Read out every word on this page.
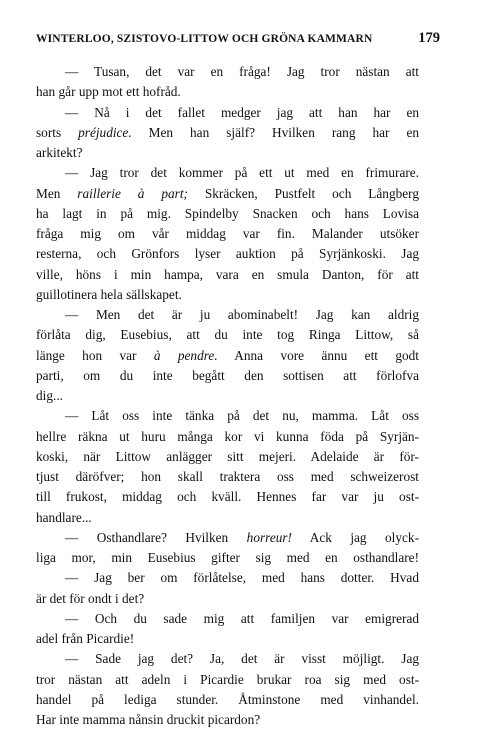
WINTERLOO, SZISTOVO-LITTOW OCH GRÖNA KAMMARN	179
— Tusan, det var en fråga! Jag tror nästan att
han går upp mot ett hofråd.
— Nå i det fallet medger jag att han har en
sorts préjudice. Men han själf? Hvilken rang har en
arkitekt?
— Jag tror det kommer på ett ut med en frimurare.
Men raillerie à part; Skräcken, Pustfelt och Långberg
ha lagt in på mig. Spindelby Snacken och hans Lovisa
fråga mig om vår middag var fin. Malander utsöker
resterna, och Grönfors lyser auktion på Syrjänkoski. Jag
ville, höns i min hampa, vara en smula Danton, för att
guillotinera hela sällskapet.
— Men det är ju abominabelt! Jag kan aldrig
förlåta dig, Eusebius, att du inte tog Ringa Littow, så
länge hon var à pendre. Anna vore ännu ett godt
parti, om du inte begått den sottisen att förlofva
dig...
— Låt oss inte tänka på det nu, mamma. Låt oss
hellre räkna ut huru många kor vi kunna föda på Syrjän-
koski, när Littow anlägger sitt mejeri. Adelaide är för-
tjust däröfver; hon skall traktera oss med schweizerost
till frukost, middag och kväll. Hennes far var ju ost-
handlare...
— Osthandlare? Hvilken horreur! Ack jag olyck-
liga mor, min Eusebius gifter sig med en osthandlare!
— Jag ber om förlåtelse, med hans dotter. Hvad
är det för ondt i det?
— Och du sade mig att familjen var emigrerad
adel från Picardie!
— Sade jag det? Ja, det är visst möjligt. Jag
tror nästan att adeln i Picardie brukar roa sig med ost-
handel på lediga stunder. Åtminstone med vinhandel.
Har inte mamma nånsin druckit picardon?
